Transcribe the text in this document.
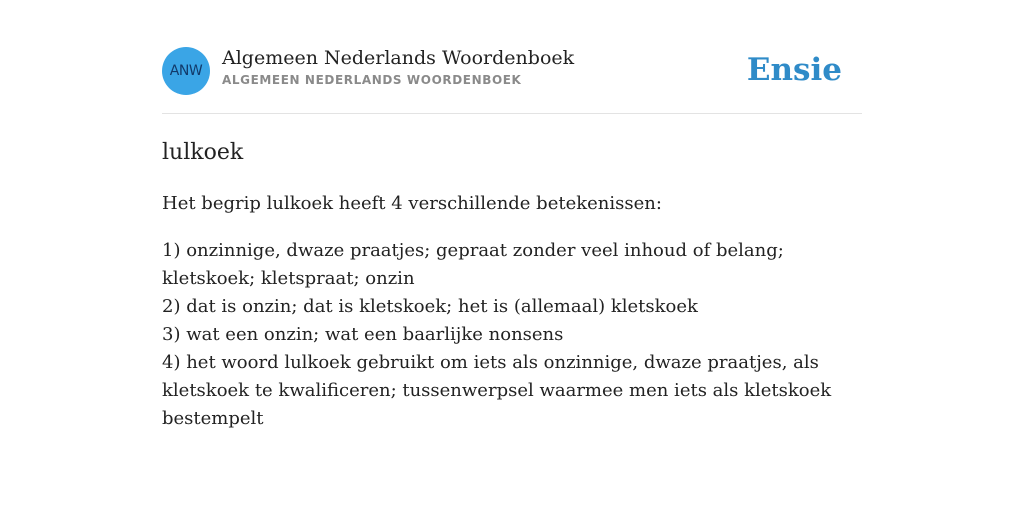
ANW
Algemeen Nederlands Woordenboek
ALGEMEEN NEDERLANDS WOORDENBOEK	Ensie
lulkoek
Het begrip lulkoek heeft 4 verschillende betekenissen:
1) onzinnige, dwaze praatjes; gepraat zonder veel inhoud of belang; kletskoek; kletspraat; onzin
2) dat is onzin; dat is kletskoek; het is (allemaal) kletskoek
3) wat een onzin; wat een baarlijke nonsens
4) het woord lulkoek gebruikt om iets als onzinnige, dwaze praatjes, als kletskoek te kwalificeren; tussenwerpsel waarmee men iets als kletskoek bestempelt
